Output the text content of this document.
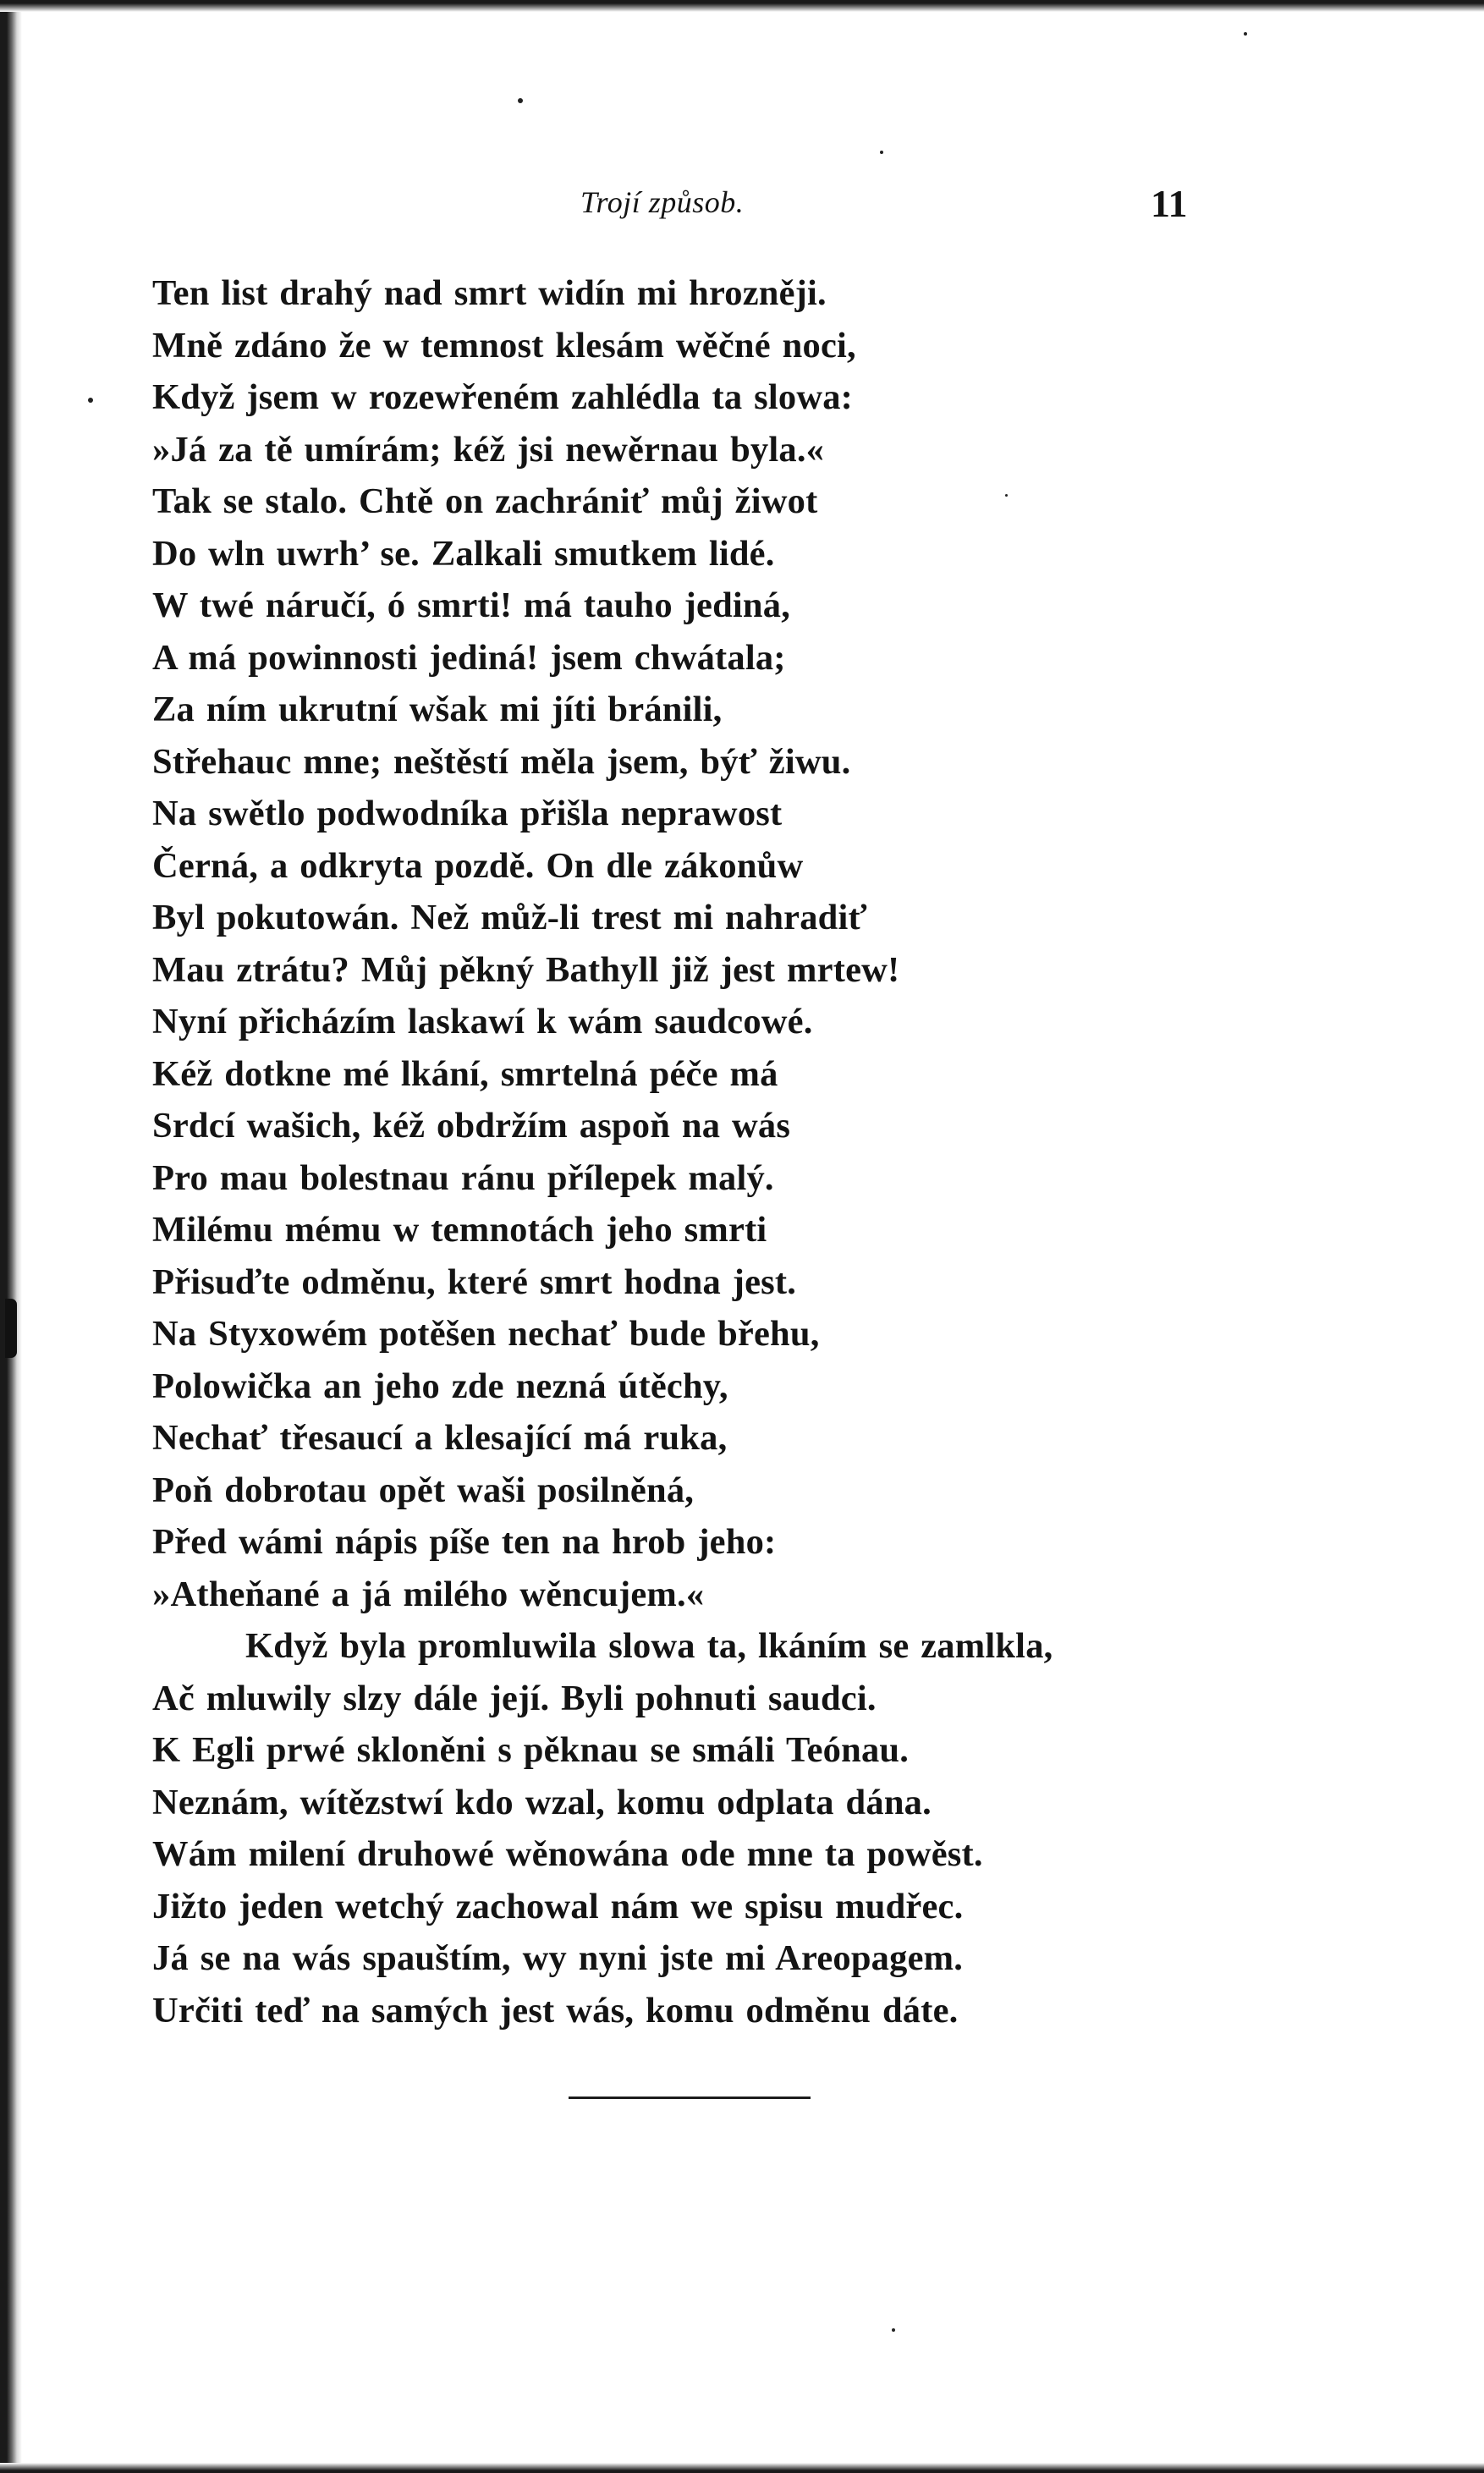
Trojí způsob.	11
Ten list drahý nad smrt widín mi hrozněji.
Mně zdáno že w temnost klesám wěčné noci,
Když jsem w rozewřeném zahlédla ta slowa:
»Já za tě umírám; kéž jsi newěrnau byla.«
Tak se stalo. Chtě on zachrániť můj žiwot
Do wln uwrh’ se. Zalkali smutkem lidé.
W twé náručí, ó smrti! má tauho jediná,
A má powinnosti jediná! jsem chwátala;
Za ním ukrutní wšak mi jíti bránili,
Střehauc mne; neštěstí měla jsem, býť žiwu.
Na swětlo podwodníka přišla neprawost
Černá, a odkryta pozdě. On dle zákonůw
Byl pokutowán. Než můž-li trest mi nahradiť
Mau ztrátu? Můj pěkný Bathyll již jest mrtew!
Nyní přicházím laskawí k wám saudcowé.
Kéž dotkne mé lkání, smrtelná péče má
Srdcí wašich, kéž obdržím aspoň na wás
Pro mau bolestnau ránu přílepek malý.
Milému mému w temnotách jeho smrti
Přisuďte odměnu, které smrt hodna jest.
Na Styxowém potěšen nechať bude břehu,
Polowička an jeho zde nezná útěchy,
Nechať třesaucí a klesající má ruka,
Poň dobrotau opět waši posilněná,
Před wámi nápis píše ten na hrob jeho:
»Atheňané a já milého wěncujem.«
Když byla promluwila slowa ta, lkáním se zamlkla,
Ač mluwily slzy dále její. Byli pohnuti saudci.
K Egli prwé skloněni s pěknau se smáli Teónau.
Neznám, wítězstwí kdo wzal, komu odplata dána.
Wám milení druhowé wěnowána ode mne ta powěst.
Jižto jeden wetchý zachowal nám we spisu mudřec.
Já se na wás spauštím, wy nyni jste mi Areopagem.
Určiti teď na samých jest wás, komu odměnu dáte.
